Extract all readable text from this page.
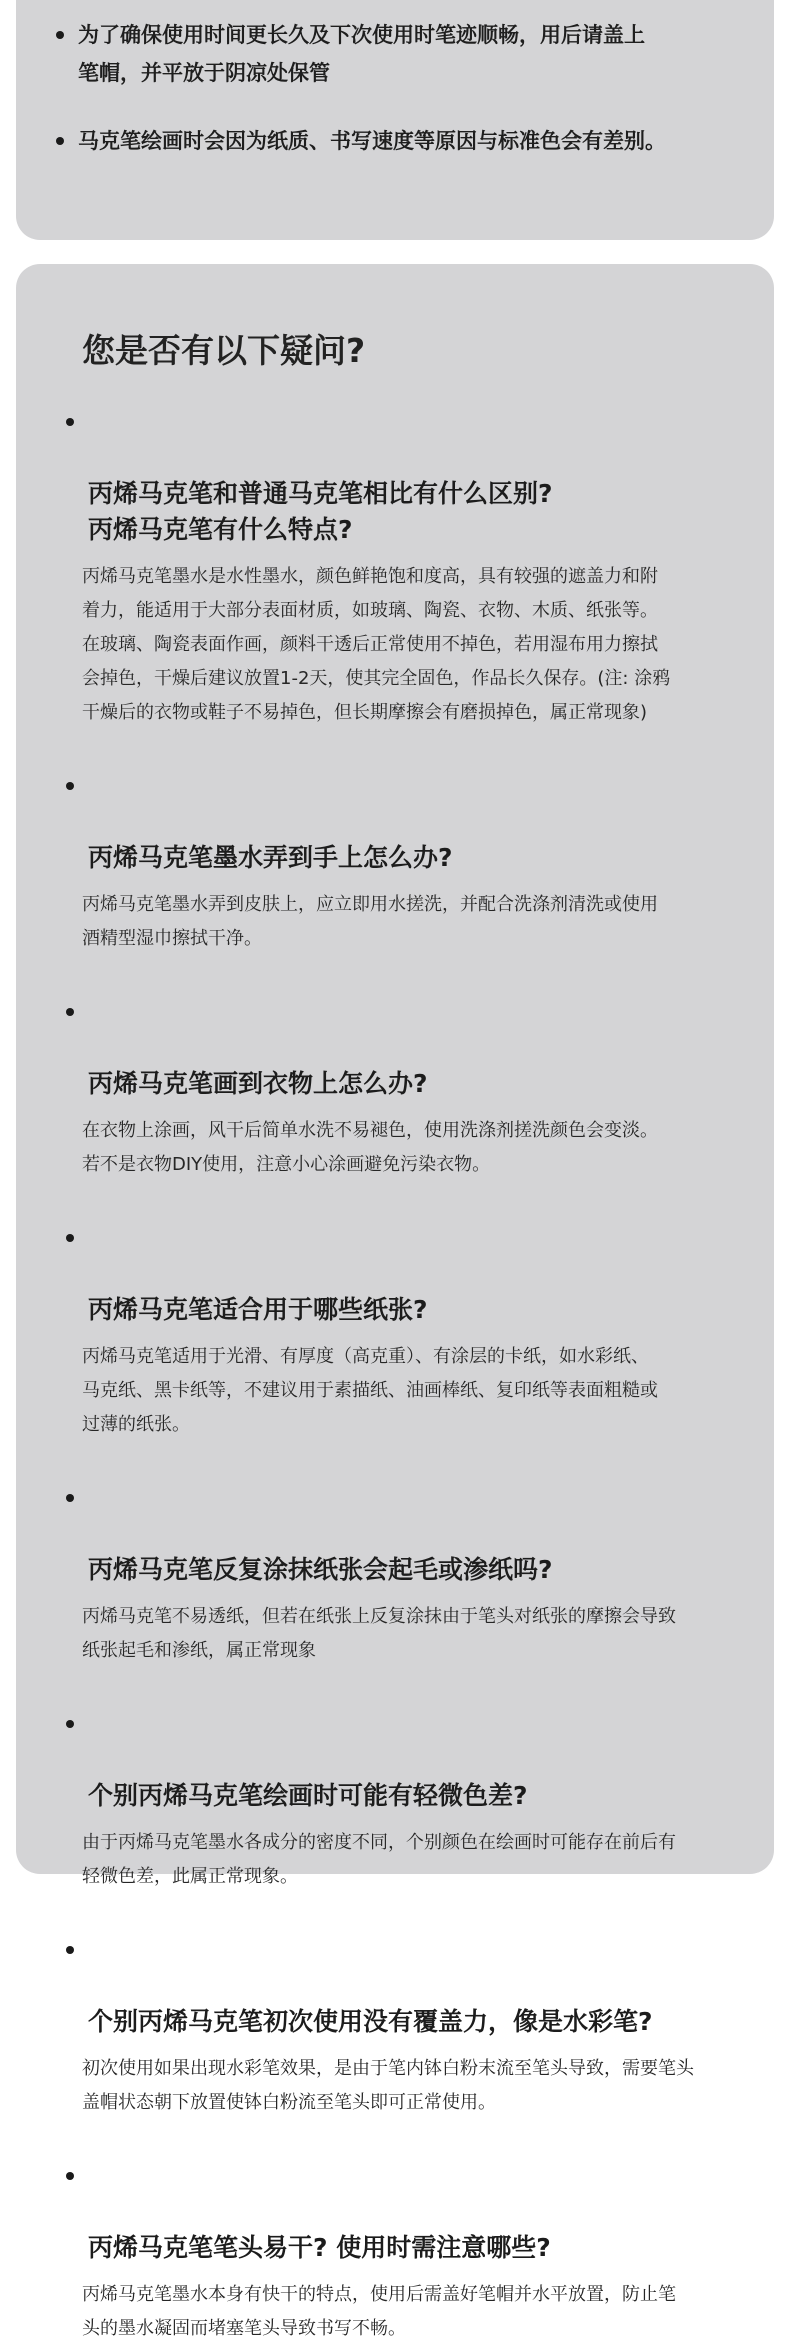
为了确保使用时间更长久及下次使用时笔迹顺畅，用后请盖上
笔帽，并平放于阴凉处保管
马克笔绘画时会因为纸质、书写速度等原因与标准色会有差别。
您是否有以下疑问?

丙烯马克笔和普通马克笔相比有什么区别?
丙烯马克笔有什么特点?

丙烯马克笔墨水是水性墨水，颜色鲜艳饱和度高，具有较强的遮盖力和附
着力，能适用于大部分表面材质，如玻璃、陶瓷、衣物、木质、纸张等。
在玻璃、陶瓷表面作画，颜料干透后正常使用不掉色，若用湿布用力擦拭
会掉色，干燥后建议放置1-2天，使其完全固色，作品长久保存。(注: 涂鸦
干燥后的衣物或鞋子不易掉色，但长期摩擦会有磨损掉色，属正常现象)

丙烯马克笔墨水弄到手上怎么办?

丙烯马克笔墨水弄到皮肤上，应立即用水搓洗，并配合洗涤剂清洗或使用
酒精型湿巾擦拭干净。

丙烯马克笔画到衣物上怎么办?

在衣物上涂画，风干后简单水洗不易褪色，使用洗涤剂搓洗颜色会变淡。
若不是衣物DIY使用，注意小心涂画避免污染衣物。

丙烯马克笔适合用于哪些纸张?

丙烯马克笔适用于光滑、有厚度（高克重）、有涂层的卡纸，如水彩纸、
马克纸、黑卡纸等，不建议用于素描纸、油画棒纸、复印纸等表面粗糙或
过薄的纸张。

丙烯马克笔反复涂抹纸张会起毛或渗纸吗?

丙烯马克笔不易透纸，但若在纸张上反复涂抹由于笔头对纸张的摩擦会导致
纸张起毛和渗纸，属正常现象

个别丙烯马克笔绘画时可能有轻微色差?

由于丙烯马克笔墨水各成分的密度不同，个别颜色在绘画时可能存在前后有
轻微色差，此属正常现象。

个别丙烯马克笔初次使用没有覆盖力，像是水彩笔?

初次使用如果出现水彩笔效果，是由于笔内钵白粉末流至笔头导致，需要笔头
盖帽状态朝下放置使钵白粉流至笔头即可正常使用。

丙烯马克笔笔头易干? 使用时需注意哪些?

丙烯马克笔墨水本身有快干的特点，使用后需盖好笔帽并水平放置，防止笔
头的墨水凝固而堵塞笔头导致书写不畅。
